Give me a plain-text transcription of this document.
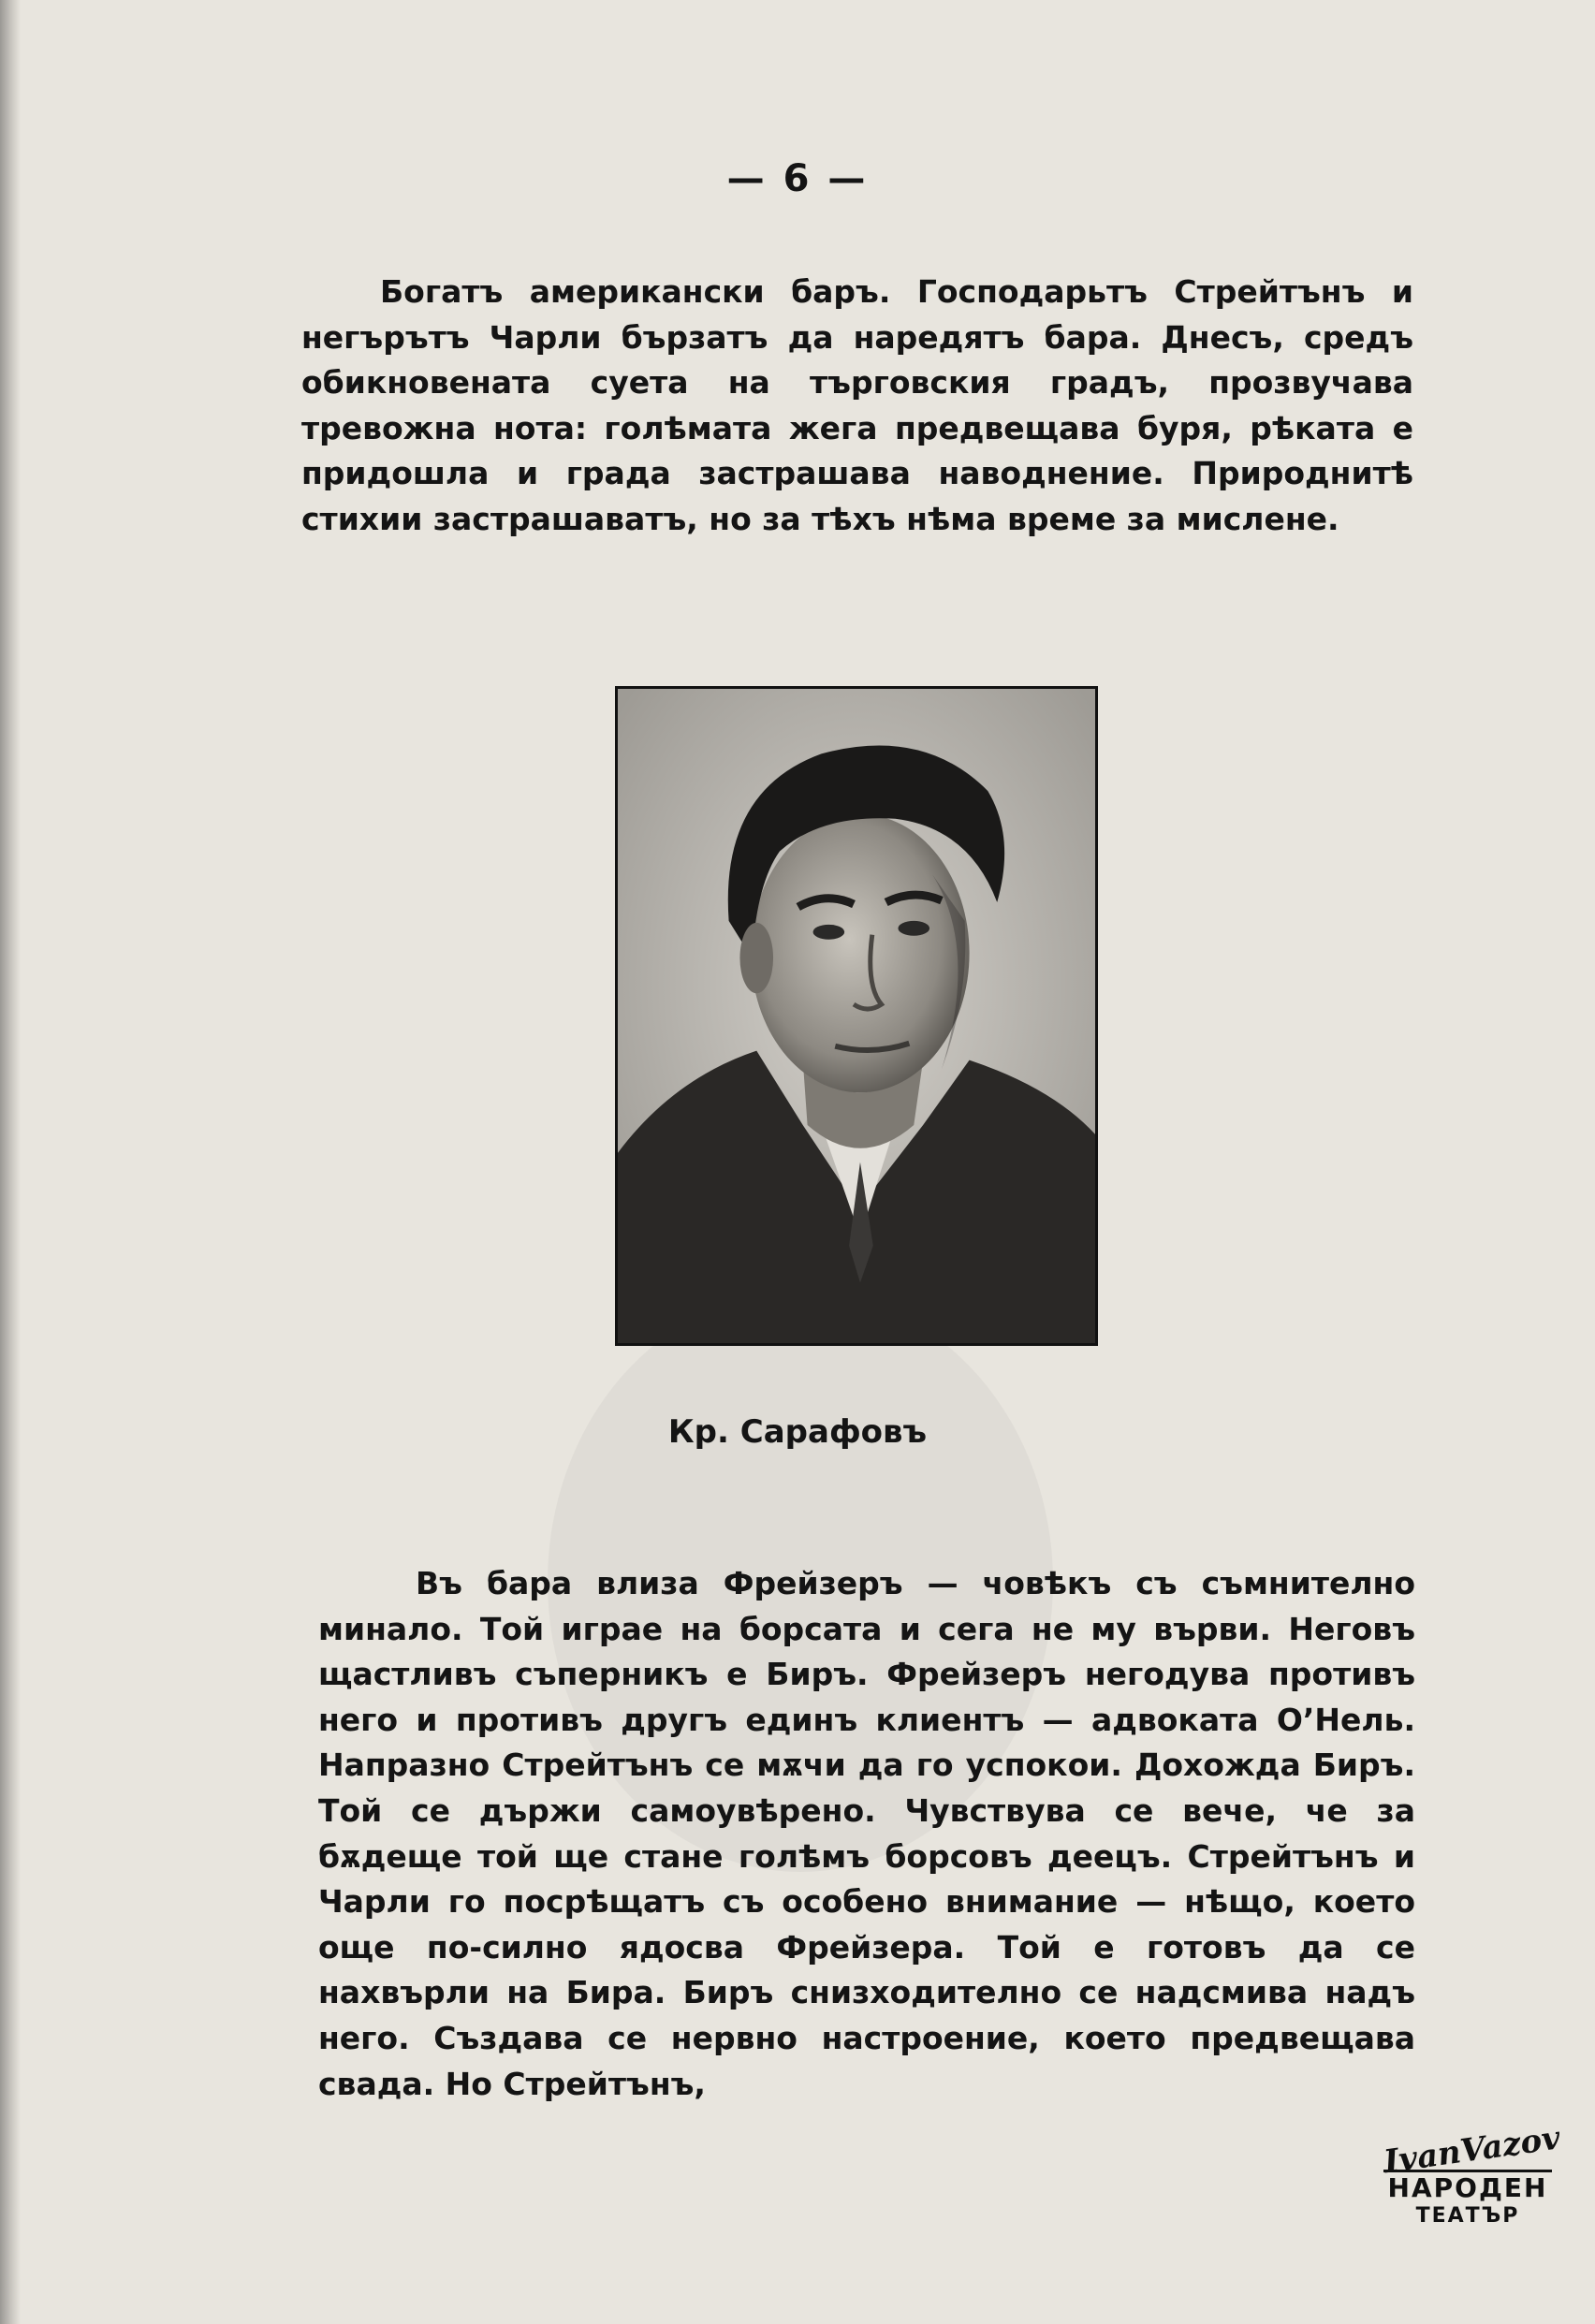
— 6 —

Богатъ американски баръ. Господарьтъ Стрейтънъ и негърътъ Чарли бързатъ да наредятъ бара. Днесъ, средъ обикновената суета на търговския градъ, прозвучава тревожна нота: голѣмата жега предвещава буря, рѣката е придошла и града застрашава наводнение. Природнитѣ стихии застрашаватъ, но за тѣхъ нѣма време за мислене.

Кр. Сарафовъ

Въ бара влиза Фрейзеръ — човѣкъ съ съмнително минало. Той играе на борсата и сега не му върви. Неговъ щастливъ съперникъ е Биръ. Фрейзеръ негодува противъ него и противъ другъ единъ клиентъ — адвоката О’Нель. Напразно Стрейтънъ се мѫчи да го успокои. Дохожда Биръ. Той се държи самоувѣрено. Чувствува се вече, че за бѫдеще той ще стане голѣмъ борсовъ деецъ. Стрейтънъ и Чарли го посрѣщатъ съ особено внимание — нѣщо, което още по-силно ядосва Фрейзера. Той е готовъ да се нахвърли на Бира. Биръ снизходително се надсмива надъ него. Създава се нервно настроение, което предвещава свада. Но Стрейтънъ,

IvanVazov
НАРОДЕН
ТЕАТЪР
